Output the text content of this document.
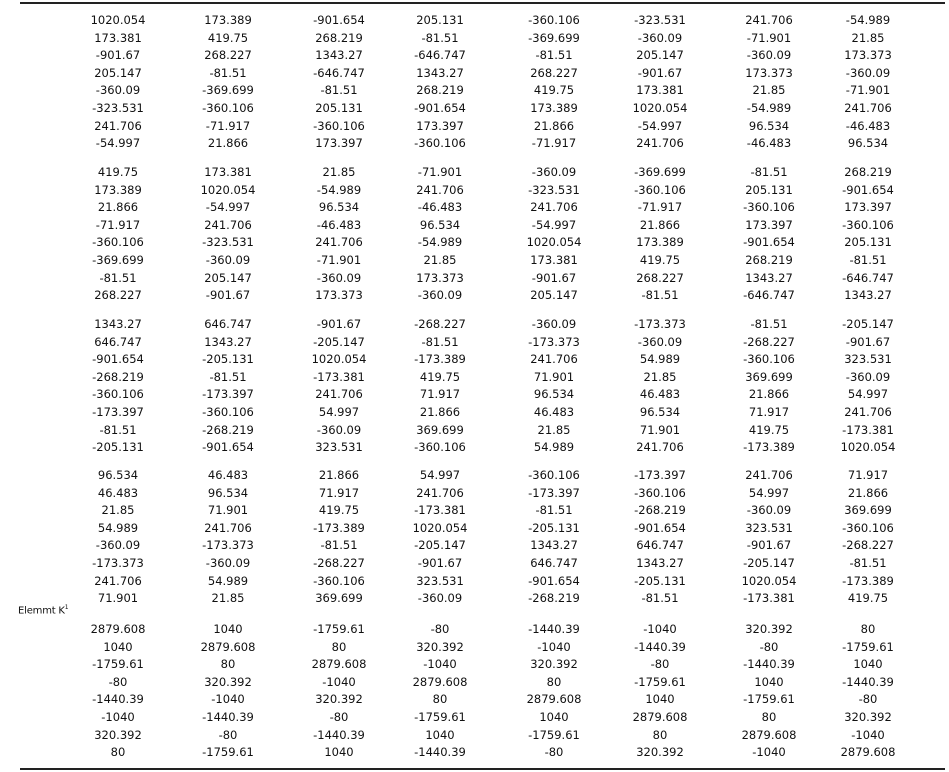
Elemmt $K^1$
1020.054	173.389	-901.654	205.131	-360.106	-323.531	241.706	-54.989
173.381	419.75	268.219	-81.51	-369.699	-360.09	-71.901	21.85
-901.67	268.227	1343.27	-646.747	-81.51	205.147	-360.09	173.373
205.147	-81.51	-646.747	1343.27	268.227	-901.67	173.373	-360.09
-360.09	-369.699	-81.51	268.219	419.75	173.381	21.85	-71.901
-323.531	-360.106	205.131	-901.654	173.389	1020.054	-54.989	241.706
241.706	-71.917	-360.106	173.397	21.866	-54.997	96.534	-46.483
-54.997	21.866	173.397	-360.106	-71.917	241.706	-46.483	96.534
419.75	173.381	21.85	-71.901	-360.09	-369.699	-81.51	268.219
173.389	1020.054	-54.989	241.706	-323.531	-360.106	205.131	-901.654
21.866	-54.997	96.534	-46.483	241.706	-71.917	-360.106	173.397
-71.917	241.706	-46.483	96.534	-54.997	21.866	173.397	-360.106
-360.106	-323.531	241.706	-54.989	1020.054	173.389	-901.654	205.131
-369.699	-360.09	-71.901	21.85	173.381	419.75	268.219	-81.51
-81.51	205.147	-360.09	173.373	-901.67	268.227	1343.27	-646.747
268.227	-901.67	173.373	-360.09	205.147	-81.51	-646.747	1343.27
1343.27	646.747	-901.67	-268.227	-360.09	-173.373	-81.51	-205.147
646.747	1343.27	-205.147	-81.51	-173.373	-360.09	-268.227	-901.67
-901.654	-205.131	1020.054	-173.389	241.706	54.989	-360.106	323.531
-268.219	-81.51	-173.381	419.75	71.901	21.85	369.699	-360.09
-360.106	-173.397	241.706	71.917	96.534	46.483	21.866	54.997
-173.397	-360.106	54.997	21.866	46.483	96.534	71.917	241.706
-81.51	-268.219	-360.09	369.699	21.85	71.901	419.75	-173.381
-205.131	-901.654	323.531	-360.106	54.989	241.706	-173.389	1020.054
96.534	46.483	21.866	54.997	-360.106	-173.397	241.706	71.917
46.483	96.534	71.917	241.706	-173.397	-360.106	54.997	21.866
21.85	71.901	419.75	-173.381	-81.51	-268.219	-360.09	369.699
54.989	241.706	-173.389	1020.054	-205.131	-901.654	323.531	-360.106
-360.09	-173.373	-81.51	-205.147	1343.27	646.747	-901.67	-268.227
-173.373	-360.09	-268.227	-901.67	646.747	1343.27	-205.147	-81.51
241.706	54.989	-360.106	323.531	-901.654	-205.131	1020.054	-173.389
71.901	21.85	369.699	-360.09	-268.219	-81.51	-173.381	419.75
2879.608	1040	-1759.61	-80	-1440.39	-1040	320.392	80
1040	2879.608	80	320.392	-1040	-1440.39	-80	-1759.61
-1759.61	80	2879.608	-1040	320.392	-80	-1440.39	1040
-80	320.392	-1040	2879.608	80	-1759.61	1040	-1440.39
-1440.39	-1040	320.392	80	2879.608	1040	-1759.61	-80
-1040	-1440.39	-80	-1759.61	1040	2879.608	80	320.392
320.392	-80	-1440.39	1040	-1759.61	80	2879.608	-1040
80	-1759.61	1040	-1440.39	-80	320.392	-1040	2879.608
